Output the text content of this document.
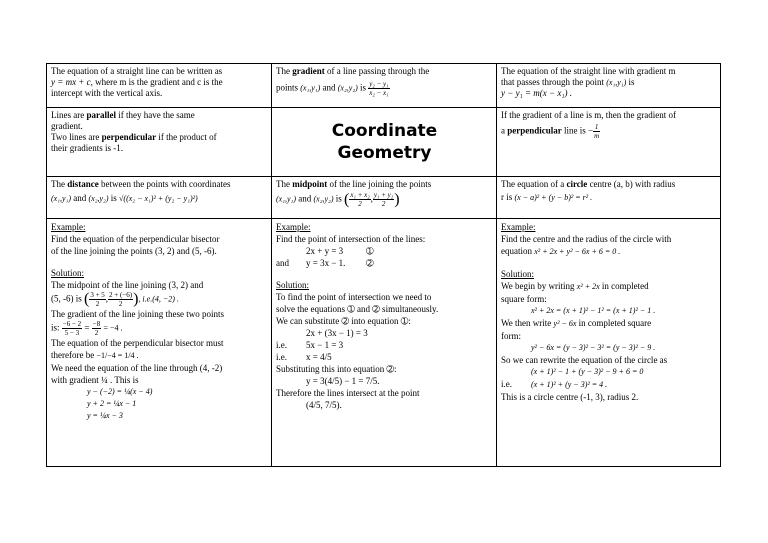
The equation of a straight line can be written as
y = mx + c, where m is the gradient and c is the
intercept with the vertical axis.
The gradient of a line passing through the
points (x₁,y₁) and (x₂,y₂) is $\frac{\text{y₂ − y₁}}{\text{x₂ − x₁}}$
The equation of the straight line with gradient m
that passes through the point (x₁,y₁) is
y − y₁ = m(x − x₁) .
Lines are parallel if they have the same
gradient.
Two lines are perpendicular if the product of
their gradients is -1.
Coordinate
Geometry
If the gradient of a line is m, then the gradient of
a perpendicular line is − $\frac{1}{m}$
The distance between the points with coordinates
(x₁,y₁) and (x₂,y₂) is √((x₂ − x₁)² + (y₂ − y₁)²)
The midpoint of the line joining the points
(x₁,y₁) and (x₂,y₂) is ( $\frac{\text{x₁ + x₂}}{2}$ , $\frac{\text{y₁ + y₂}}{2}$ )
The equation of a circle centre (a, b) with radius
r is (x − a)² + (y − b)² = r² .
Example:
Find the equation of the perpendicular bisector
of the line joining the points (3, 2) and (5, -6).
Solution:
The midpoint of the line joining (3, 2) and
(5, -6) is ( $\frac{3 + 5}{2}$ , $\frac{2 + (-6)}{2}$ ), i.e.(4, −2) .
The gradient of the line joining these two points
is: $\frac{-6 - 2}{5 - 3} = \frac{-8}{2} = -4$ .
The equation of the perpendicular bisector must
therefore be −1/−4 = 1/4 .
We need the equation of the line through (4, -2)
with gradient ¼ . This is
y − (−2) = ¼(x − 4)
y + 2 = ¼x − 1
y = ¼x − 3
Example:
Find the point of intersection of the lines:
2x + y = 3	➀
and y = 3x − 1. ➁
Solution:
To find the point of intersection we need to
solve the equations ➀ and ➁ simultaneously.
We can substitute ➁ into equation ➀:
2x + (3x − 1) = 3
i.e. 5x − 1 = 3
i.e. x = 4/5
Substituting this into equation ➁:
y = 3(4/5) − 1 = 7/5.
Therefore the lines intersect at the point
(4/5, 7/5).
Example:
Find the centre and the radius of the circle with
equation x² + 2x + y² − 6x + 6 = 0 .
Solution:
We begin by writing x² + 2x in completed
square form:
x² + 2x = (x + 1)² − 1² = (x + 1)² − 1 .
We then write y² − 6x in completed square
form:
y² − 6x = (y − 3)² − 3² = (y − 3)² − 9 .
So we can rewrite the equation of the circle as
(x + 1)² − 1 + (y − 3)² − 9 + 6 = 0
i.e. (x + 1)² + (y − 3)² = 4 .
This is a circle centre (-1, 3), radius 2.
